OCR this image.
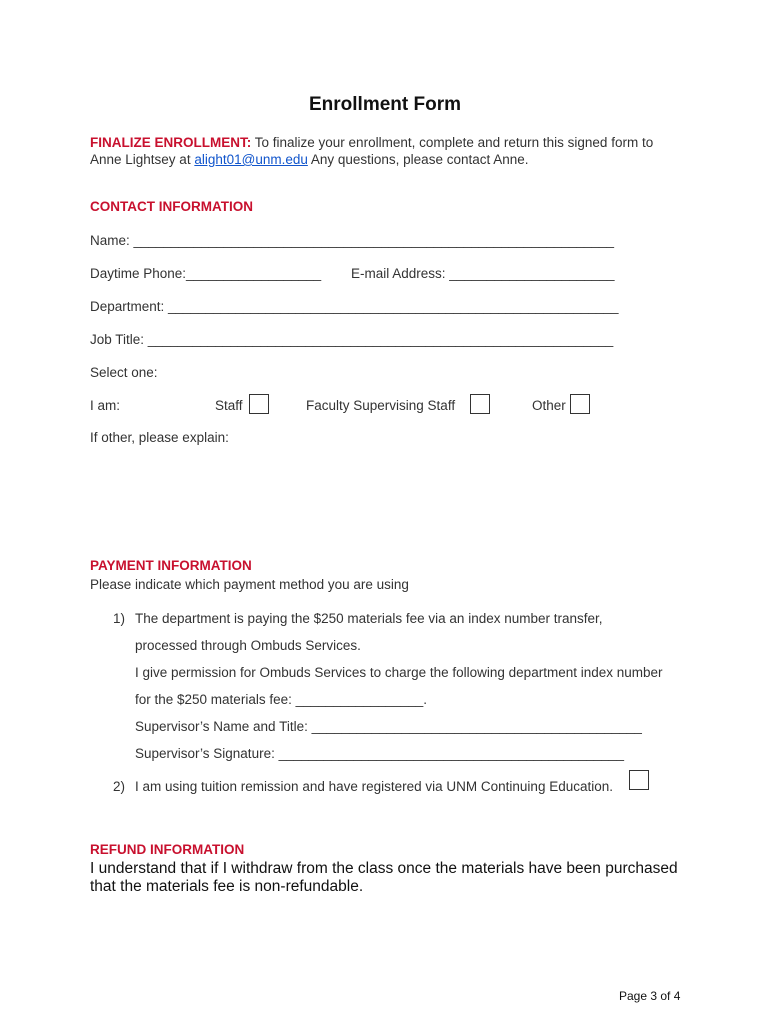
Enrollment Form
FINALIZE ENROLLMENT: To finalize your enrollment, complete and return this signed form to
Anne Lightsey at alight01@unm.edu Any questions, please contact Anne.
CONTACT INFORMATION
Name: ________________________________________________________________
Daytime Phone:__________________ E-mail Address: ______________________
Department: ____________________________________________________________
Job Title: ______________________________________________________________
Select one:
I am:	Staff	Faculty Supervising Staff	Other
If other, please explain:
PAYMENT INFORMATION
Please indicate which payment method you are using
1) The department is paying the $250 materials fee via an index number transfer,
processed through Ombuds Services.
I give permission for Ombuds Services to charge the following department index number
for the $250 materials fee: _________________.
Supervisor’s Name and Title: ____________________________________________
Supervisor’s Signature: ______________________________________________
2) I am using tuition remission and have registered via UNM Continuing Education.
REFUND INFORMATION
I understand that if I withdraw from the class once the materials have been purchased
that the materials fee is non-refundable.
Page 3 of 4
